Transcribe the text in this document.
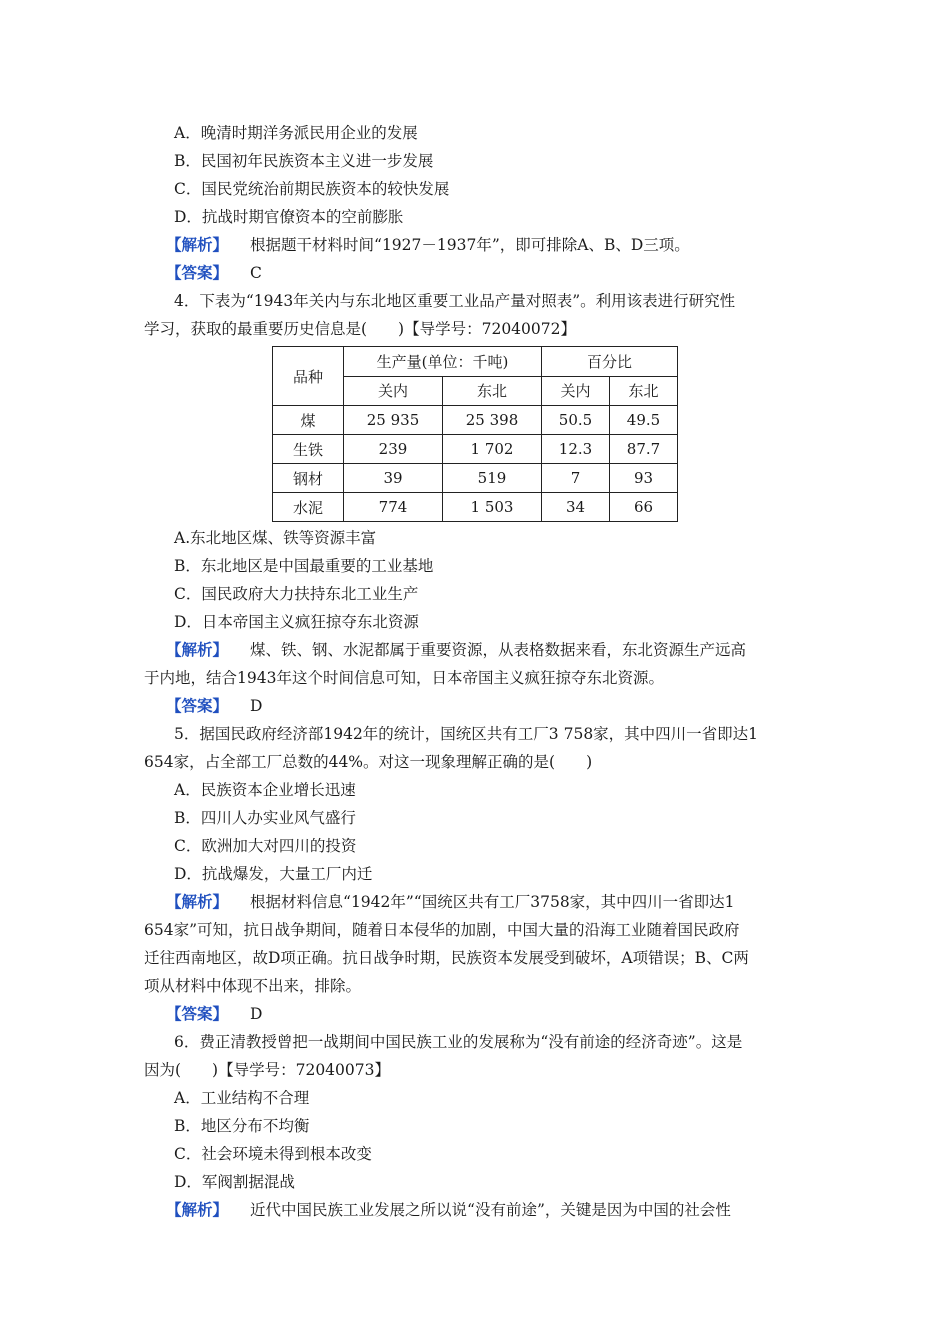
A．晚清时期洋务派民用企业的发展
B．民国初年民族资本主义进一步发展
C．国民党统治前期民族资本的较快发展
D．抗战时期官僚资本的空前膨胀
【解析】 根据题干材料时间“1927－1937年”，即可排除A、B、D三项。
【答案】 C
4．下表为“1943年关内与东北地区重要工业品产量对照表”。利用该表进行研究性
学习，获取的最重要历史信息是(　　)【导学号：72040072】
品种	生产量(单位：千吨)		百分比	
	关内	东北	关内	东北
煤	25 935	25 398	50.5	49.5
生铁	239	1 702	12.3	87.7
钢材	39	519	7	93
水泥	774	1 503	34	66
A.东北地区煤、铁等资源丰富
B．东北地区是中国最重要的工业基地
C．国民政府大力扶持东北工业生产
D．日本帝国主义疯狂掠夺东北资源
【解析】 煤、铁、钢、水泥都属于重要资源，从表格数据来看，东北资源生产远高
于内地，结合1943年这个时间信息可知，日本帝国主义疯狂掠夺东北资源。
【答案】 D
5．据国民政府经济部1942年的统计，国统区共有工厂3 758家，其中四川一省即达1
654家，占全部工厂总数的44%。对这一现象理解正确的是(　　)
A．民族资本企业增长迅速
B．四川人办实业风气盛行
C．欧洲加大对四川的投资
D．抗战爆发，大量工厂内迁
【解析】 根据材料信息“1942年”“国统区共有工厂3758家，其中四川一省即达1
654家”可知，抗日战争期间，随着日本侵华的加剧，中国大量的沿海工业随着国民政府
迁往西南地区，故D项正确。抗日战争时期，民族资本发展受到破坏，A项错误；B、C两
项从材料中体现不出来，排除。
【答案】 D
6．费正清教授曾把一战期间中国民族工业的发展称为“没有前途的经济奇迹”。这是
因为(　　)【导学号：72040073】
A．工业结构不合理
B．地区分布不均衡
C．社会环境未得到根本改变
D．军阀割据混战
【解析】 近代中国民族工业发展之所以说“没有前途”，关键是因为中国的社会性
